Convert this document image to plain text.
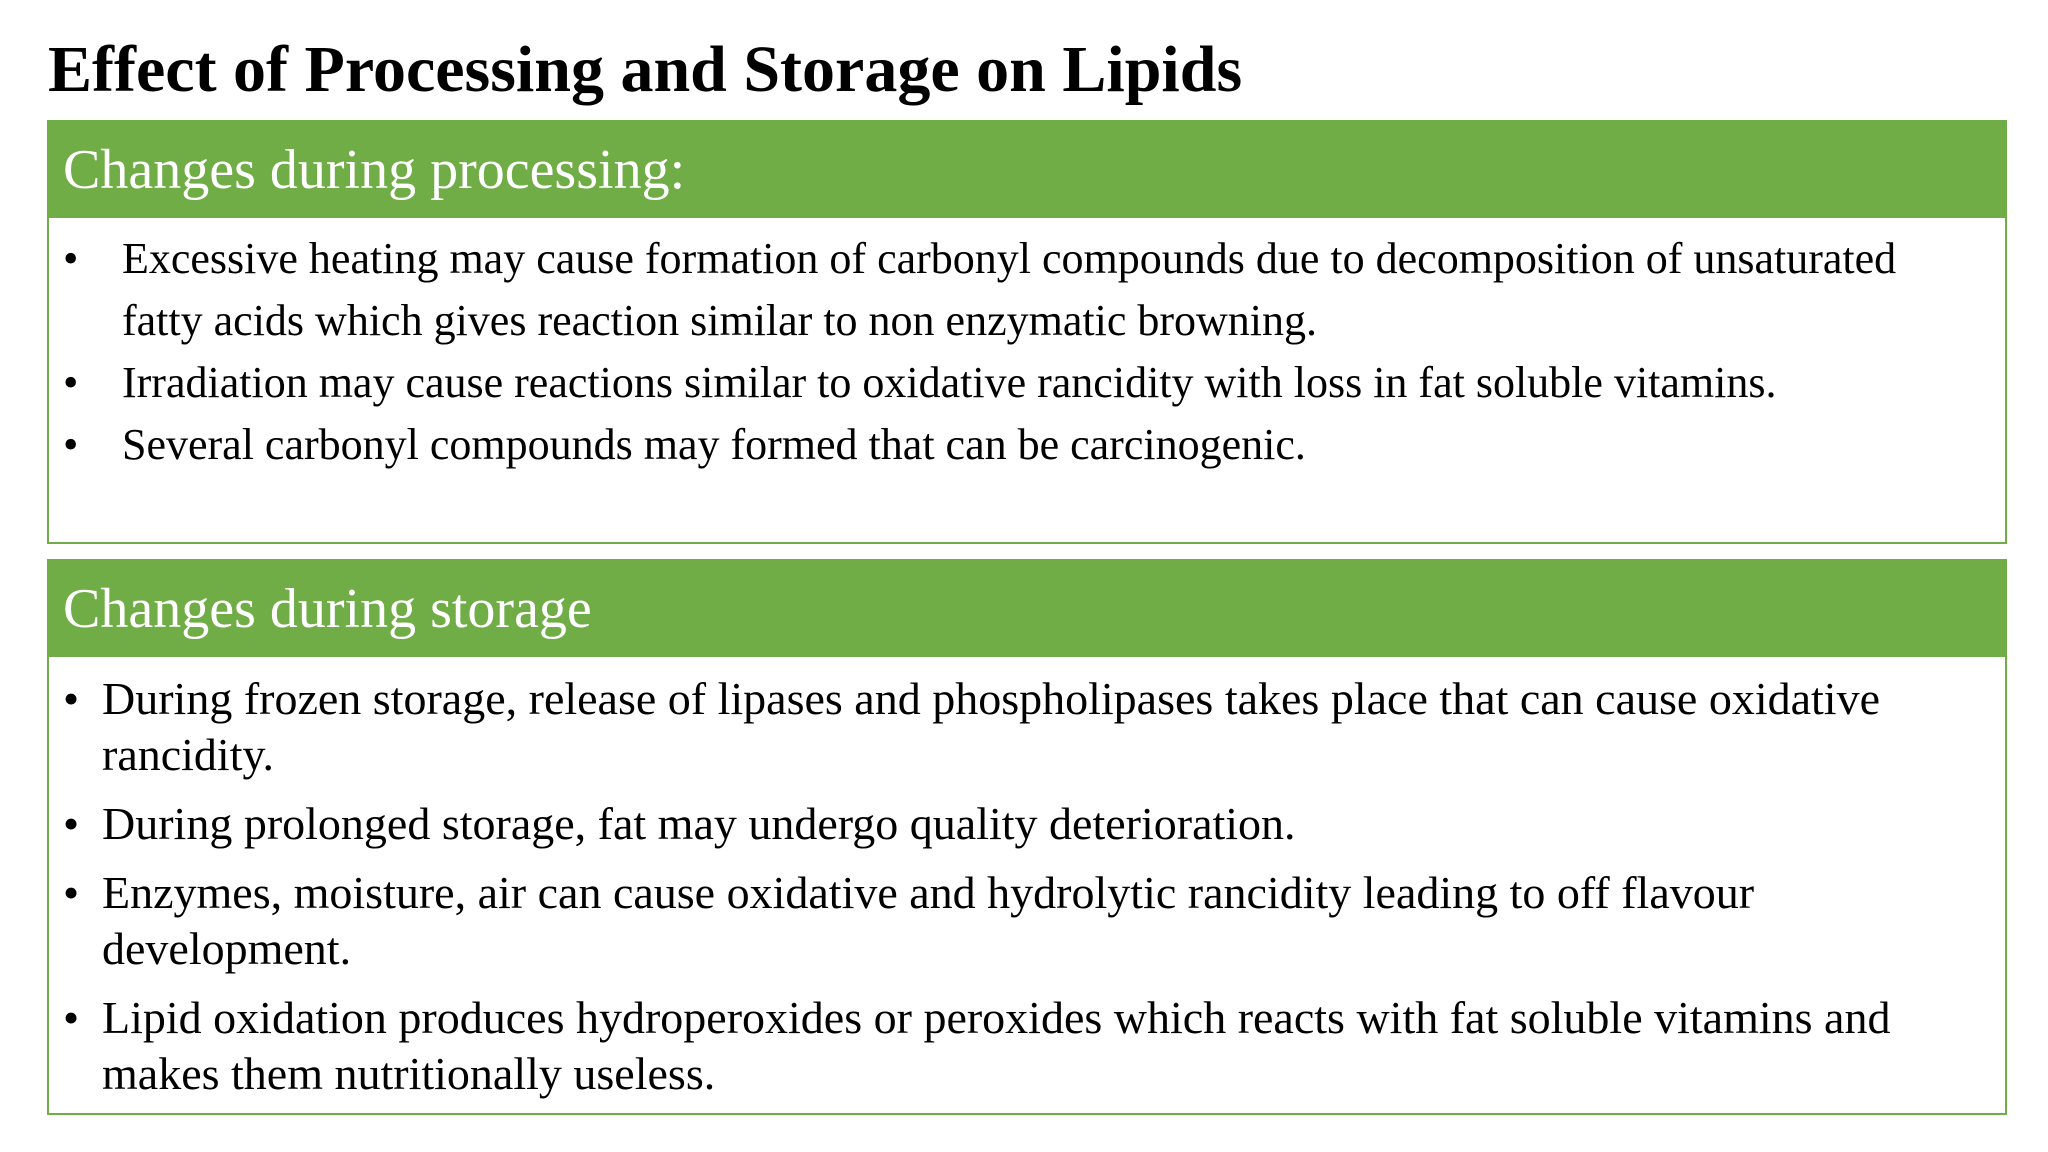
Effect of Processing and Storage on Lipids
Changes during processing:
• Excessive heating may cause formation of carbonyl compounds due to decomposition of unsaturated fatty acids which gives reaction similar to non enzymatic browning.
• Irradiation may cause reactions similar to oxidative rancidity with loss in fat soluble vitamins.
• Several carbonyl compounds may formed that can be carcinogenic.
Changes during storage
• During frozen storage, release of lipases and phospholipases takes place that can cause oxidative rancidity.
• During prolonged storage, fat may undergo quality deterioration.
• Enzymes, moisture, air can cause oxidative and hydrolytic rancidity leading to off flavour development.
• Lipid oxidation produces hydroperoxides or peroxides which reacts with fat soluble vitamins and makes them nutritionally useless.
